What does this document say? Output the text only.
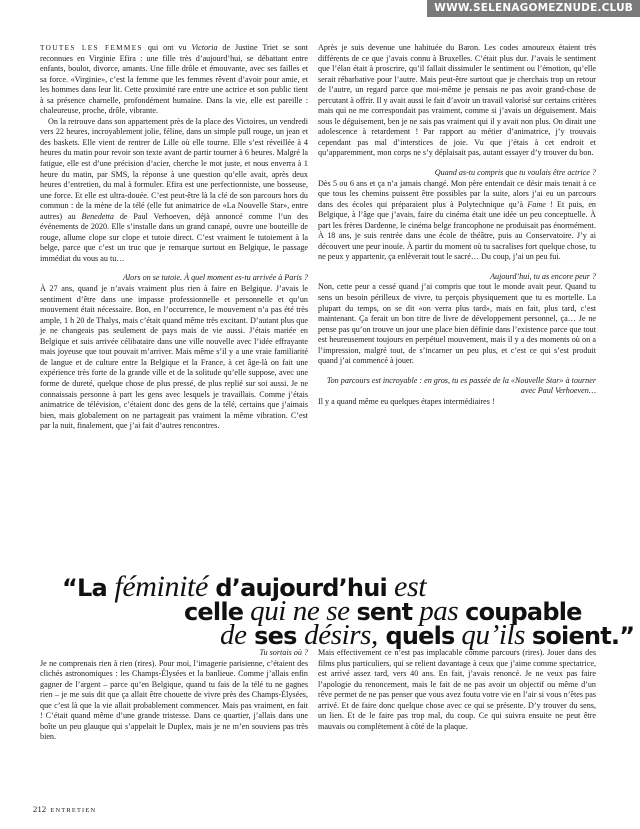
WWW.SELENAGOMEZNUDE.CLUB

TOUTES LES FEMMES qui ont vu Victoria de Justine Triet se sont reconnues en Virginie Efira : une fille très d’aujourd’hui, se débattant entre enfants, boulot, divorce, amants. Une fille drôle et émouvante, avec ses failles et sa force. «Virginie», c’est la femme que les femmes rêvent d’avoir pour amie, et les hommes dans leur lit. Cette proximité rare entre une actrice et son public tient à sa présence charnelle, profondément humaine. Dans la vie, elle est pareille : chaleureuse, proche, drôle, vibrante.

On la retrouve dans son appartement près de la place des Victoires, un vendredi vers 22 heures, incroyablement jolie, féline, dans un simple pull rouge, un jean et des baskets. Elle vient de rentrer de Lille où elle tourne. Elle s’est réveillée à 4 heures du matin pour revoir son texte avant de partir tourner à 6 heures. Malgré la fatigue, elle est d’une précision d’acier, cherche le mot juste, et nous enverra à 1 heure du matin, par SMS, la réponse à une question qu’elle avait, après deux heures d’entretien, du mal à formuler. Efira est une perfectionniste, une bosseuse, une force. Et elle est ultra-douée. C’est peut-être là la clé de son parcours hors du commun : de la mène de la télé (elle fut animatrice de «La Nouvelle Star», entre autres) au Benedetta de Paul Verhoeven, déjà annoncé comme l’un des événements de 2020. Elle s’installe dans un grand canapé, ouvre une bouteille de rouge, allume clope sur clope et tutoie direct. C’est vraiment le tutoiement à la belge, parce que c’est un truc que je remarque surtout en Belgique, le passage immédiat du vous au tu…

Alors on se tutoie. À quel moment es-tu arrivée à Paris ?

À 27 ans, quand je n’avais vraiment plus rien à faire en Belgique. J’avais le sentiment d’être dans une impasse professionnelle et personnelle et qu’un mouvement était nécessaire. Bon, en l’occurrence, le mouvement n’a pas été très ample, 1 h 20 de Thalys, mais c’était quand même très excitant. D’autant plus que je ne changeais pas seulement de pays mais de vie aussi. J’étais mariée en Belgique et suis arrivée célibataire dans une ville nouvelle avec l’idée effrayante mais joyeuse que tout pouvait m’arriver. Mais même s’il y a une vraie familiarité de langue et de culture entre la Belgique et la France, à cet âge-là on fait une expérience très forte de la grande ville et de la solitude qu’elle suppose, avec une forme de dureté, quelque chose de plus pressé, de plus replié sur soi aussi. Je ne connaissais personne à part les gens avec lesquels je travaillais. Comme j’étais animatrice de télévision, c’étaient donc des gens de la télé, certains que j’aimais bien, mais globalement on ne partageait pas vraiment la même vibration. C’est par la nuit, finalement, que j’ai fait d’autres rencontres.

Après je suis devenue une habituée du Baron. Les codes amoureux étaient très différents de ce que j’avais connu à Bruxelles. C’était plus dur. J’avais le sentiment que l’élan était à proscrire, qu’il fallait dissimuler le sentiment ou l’émotion, qu’elle serait rébarbative pour l’autre. Mais peut-être surtout que je cherchais trop un retour de l’autre, un regard parce que moi-même je pensais ne pas avoir grand-chose de percutant à offrir. Il y avait aussi le fait d’avoir un travail valorisé sur certains critères mais qui ne me correspondait pas vraiment, comme si j’avais un déguisement. Mais sous le déguisement, ben je ne sais pas vraiment qui il y avait non plus. On dirait une adolescence à retardement ! Par rapport au métier d’animatrice, j’y trouvais cependant pas mal d’interstices de joie. Vu que j’étais à cet endroit et qu’apparemment, mon corps ne s’y déplaisait pas, autant essayer d’y trouver du bon.

Quand as-tu compris que tu voulais être actrice ?

Dès 5 ou 6 ans et ça n’a jamais changé. Mon père entendait ce désir mais tenait à ce que tous les chemins puissent être possibles par la suite, alors j’ai eu un parcours dans des écoles qui préparaient plus à Polytechnique qu’à Fame ! Et puis, en Belgique, à l’âge que j’avais, faire du cinéma était une idée un peu conceptuelle. À part les frères Dardenne, le cinéma belge francophone ne produisait pas énormément. À 18 ans, je suis rentrée dans une école de théâtre, puis au Conservatoire. J’y ai découvert une peur inouïe. À partir du moment où tu sacralises fort quelque chose, tu ne peux y appartenir, ça enlèverait tout le sacré… Du coup, j’ai un peu fui.

Aujourd’hui, tu as encore peur ?

Non, cette peur a cessé quand j’ai compris que tout le monde avait peur. Quand tu sens un besoin périlleux de vivre, tu perçois physiquement que tu es mortelle. La plupart du temps, on se dit «on verra plus tard», mais en fait, plus tard, c’est maintenant. Ça ferait un bon titre de livre de développement personnel, ça… Je ne pense pas qu’on trouve un jour une place bien définie dans l’existence parce que tout est heureusement toujours en perpétuel mouvement, mais il y a des moments où on a l’impression, malgré tout, de s’incarner un peu plus, et c’est ce qui s’est produit quand j’ai commencé à jouer.

Ton parcours est incroyable : en gros, tu es passée de la «Nouvelle Star» à tourner avec Paul Verhoeven…

Il y a quand même eu quelques étapes intermédiaires !

“La féminité d’aujourd’hui est
celle qui ne se sent pas coupable
de ses désirs, quels qu’ils soient.”

Tu sortais où ?

Je ne comprenais rien à rien (rires). Pour moi, l’imagerie parisienne, c’étaient des clichés astronomiques : les Champs-Élysées et la banlieue. Comme j’allais enfin gagner de l’argent – parce qu’en Belgique, quand tu fais de la télé tu ne gagnes rien – je me suis dit que ça allait être chouette de vivre près des Champs-Élysées, que c’est là que la vie allait probablement commencer. Mais pas vraiment, en fait ! C’était quand même d’une grande tristesse. Dans ce quartier, j’allais dans une boîte un peu glauque qui s’appelait le Duplex, mais je ne m’en souviens pas très bien.

Mais effectivement ce n’est pas implacable comme parcours (rires). Jouer dans des films plus particuliers, qui se relient davantage à ceux que j’aime comme spectatrice, est arrivé assez tard, vers 40 ans. En fait, j’avais renoncé. Je ne veux pas faire l’apologie du renoncement, mais le fait de ne pas avoir un objectif ou même d’un rêve permet de ne pas penser que vous avez foutu votre vie en l’air si vous n’êtes pas arrivé. Et de faire donc quelque chose avec ce qui se présente. D’y trouver du sens, un lien. Et de le faire pas trop mal, du coup. Ce qui suivra ensuite ne peut être mauvais ou complètement à côté de la plaque.

212 ENTRETIEN
